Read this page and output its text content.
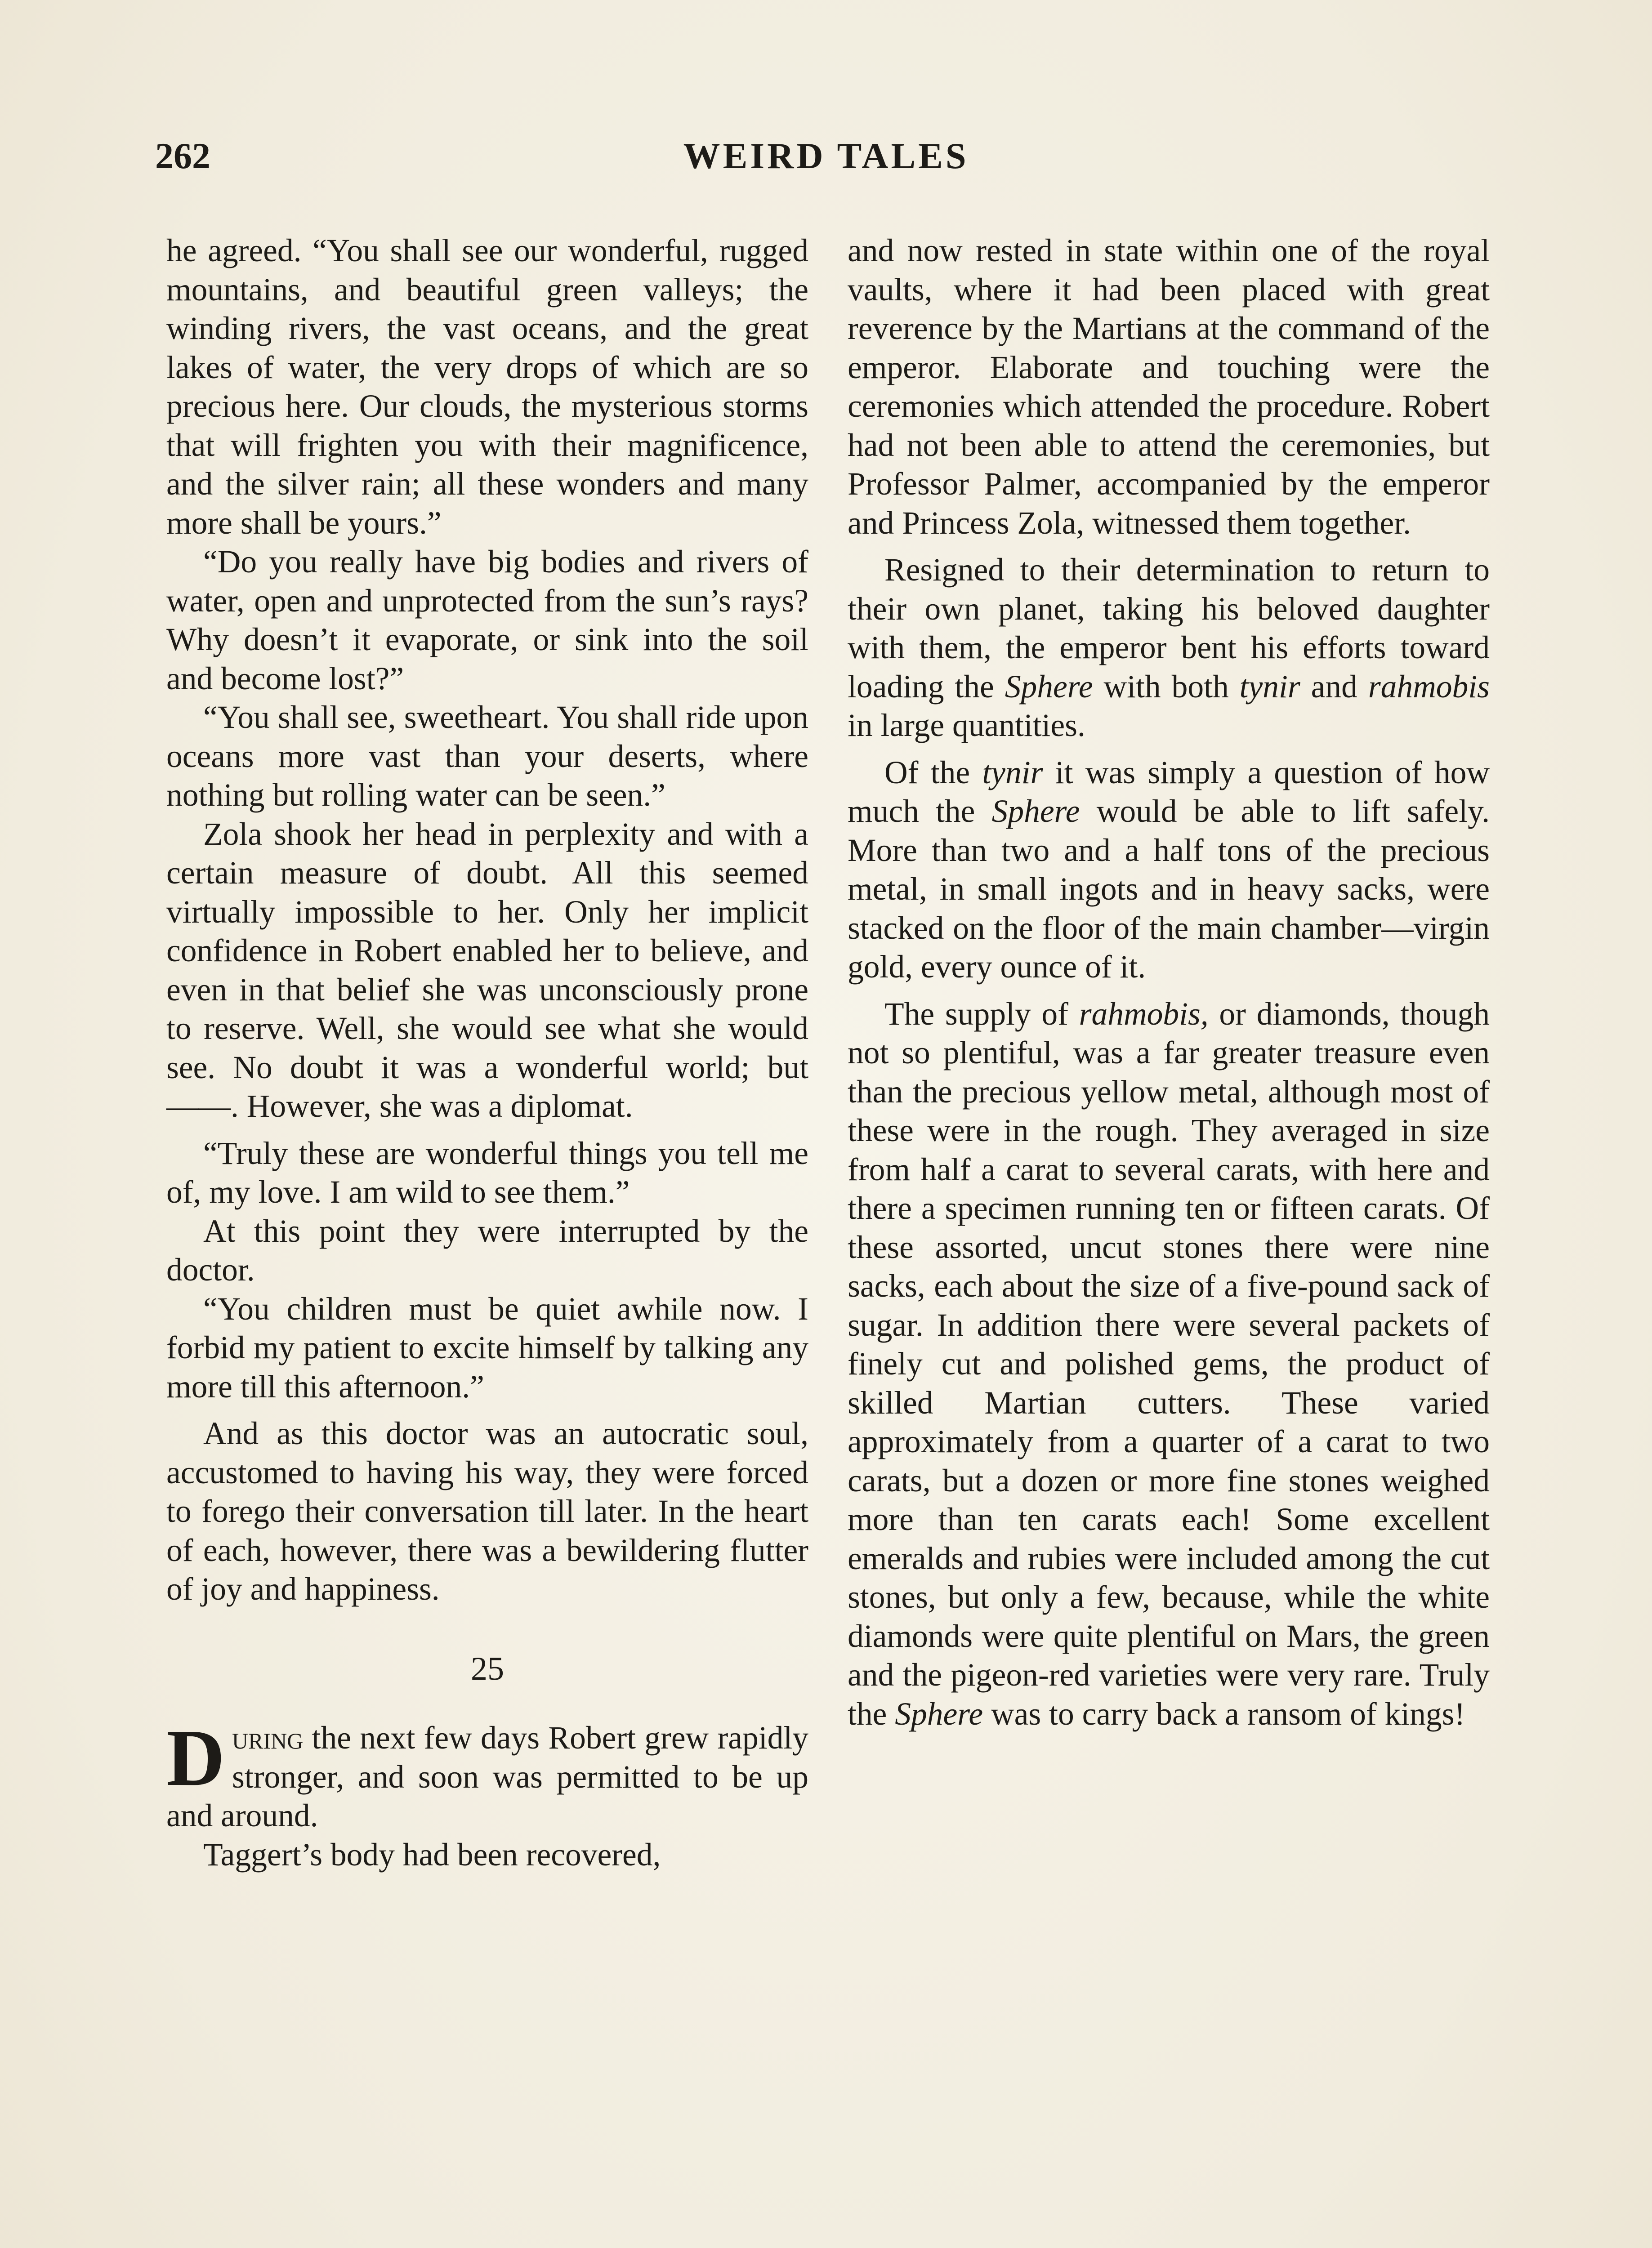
262	WEIRD TALES

he agreed. “You shall see our wonderful, rugged mountains, and beautiful green valleys; the winding rivers, the vast oceans, and the great lakes of water, the very drops of which are so precious here. Our clouds, the mysterious storms that will frighten you with their magnificence, and the silver rain; all these wonders and many more shall be yours.”

“Do you really have big bodies and rivers of water, open and unprotected from the sun’s rays? Why doesn’t it evaporate, or sink into the soil and become lost?”

“You shall see, sweetheart. You shall ride upon oceans more vast than your deserts, where nothing but rolling water can be seen.”

Zola shook her head in perplexity and with a certain measure of doubt. All this seemed virtually impossible to her. Only her implicit confidence in Robert enabled her to believe, and even in that belief she was unconsciously prone to reserve. Well, she would see what she would see. No doubt it was a wonderful world; but ——. However, she was a diplomat.

“Truly these are wonderful things you tell me of, my love. I am wild to see them.”

At this point they were interrupted by the doctor.

“You children must be quiet awhile now. I forbid my patient to excite himself by talking any more till this afternoon.”

And as this doctor was an autocratic soul, accustomed to having his way, they were forced to forego their conversation till later. In the heart of each, however, there was a bewildering flutter of joy and happiness.

25

During the next few days Robert grew rapidly stronger, and soon was permitted to be up and around.

Taggert’s body had been recovered,

and now rested in state within one of the royal vaults, where it had been placed with great reverence by the Martians at the command of the emperor. Elaborate and touching were the ceremonies which attended the procedure. Robert had not been able to attend the ceremonies, but Professor Palmer, accompanied by the emperor and Princess Zola, witnessed them together.

Resigned to their determination to return to their own planet, taking his beloved daughter with them, the emperor bent his efforts toward loading the Sphere with both tynir and rahmobis in large quantities.

Of the tynir it was simply a question of how much the Sphere would be able to lift safely. More than two and a half tons of the precious metal, in small ingots and in heavy sacks, were stacked on the floor of the main chamber—virgin gold, every ounce of it.

The supply of rahmobis, or diamonds, though not so plentiful, was a far greater treasure even than the precious yellow metal, although most of these were in the rough. They averaged in size from half a carat to several carats, with here and there a specimen running ten or fifteen carats. Of these assorted, uncut stones there were nine sacks, each about the size of a five-pound sack of sugar. In addition there were several packets of finely cut and polished gems, the product of skilled Martian cutters. These varied approximately from a quarter of a carat to two carats, but a dozen or more fine stones weighed more than ten carats each! Some excellent emeralds and rubies were included among the cut stones, but only a few, because, while the white diamonds were quite plentiful on Mars, the green and the pigeon-red varieties were very rare. Truly the Sphere was to carry back a ransom of kings!
